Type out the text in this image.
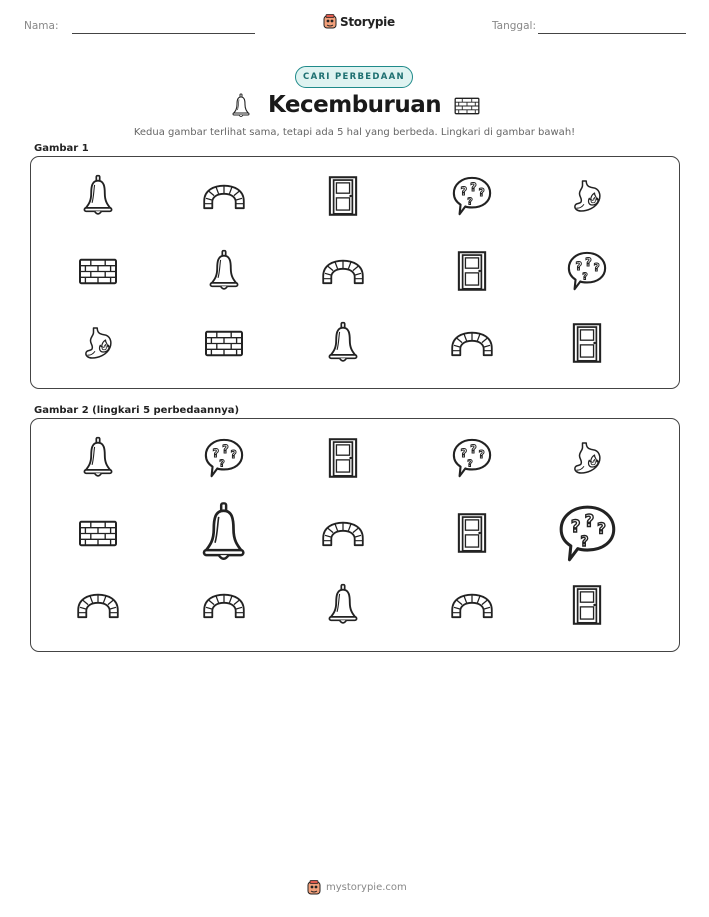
Nama:	Storypie	Tanggal:
CARI PERBEDAAN
Kecemburuan
Kedua gambar terlihat sama, tetapi ada 5 hal yang berbeda. Lingkari di gambar bawah!
Gambar 1
Gambar 2 (lingkari 5 perbedaannya)
mystorypie.com
